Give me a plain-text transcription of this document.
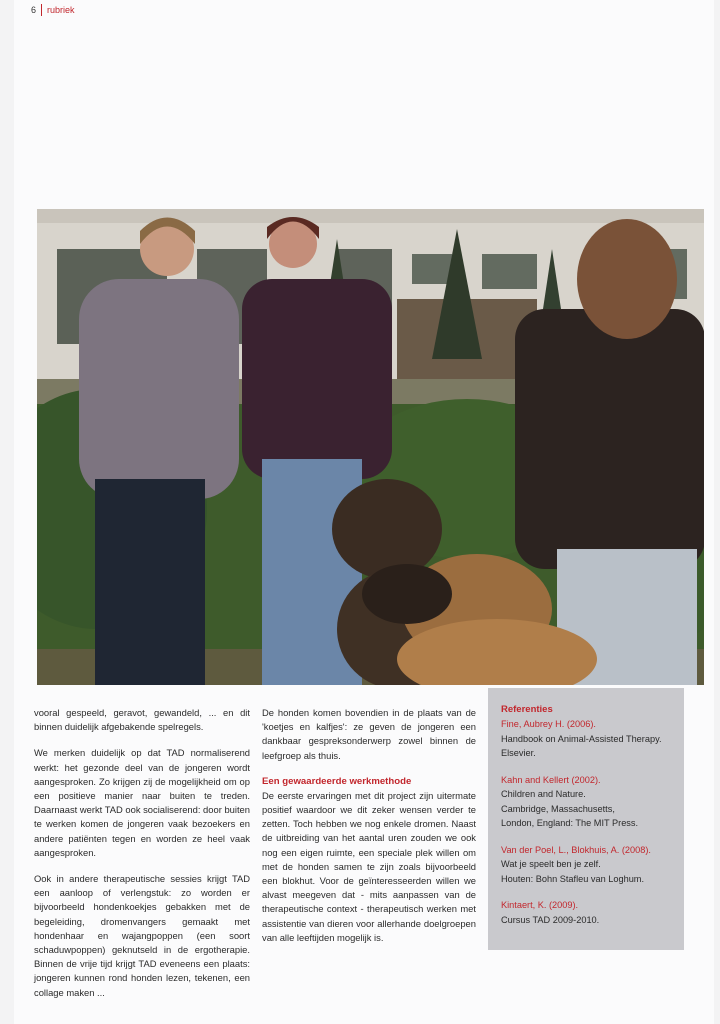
6 rubriek

vooral gespeeld, geravot, gewandeld, ... en dit binnen duidelijk afgebakende spelregels.

We merken duidelijk op dat TAD normaliserend werkt: het gezonde deel van de jongeren wordt aangesproken. Zo krijgen zij de mogelijkheid om op een positieve manier naar buiten te treden. Daarnaast werkt TAD ook socialiserend: door buiten te werken komen de jongeren vaak bezoekers en andere patiënten tegen en worden ze heel vaak aangesproken.

Ook in andere therapeutische sessies krijgt TAD een aanloop of verlengstuk: zo worden er bijvoorbeeld hondenkoekjes gebakken met de begeleiding, dromenvangers gemaakt met hondenhaar en wajangpoppen (een soort schaduwpoppen) geknutseld in de ergotherapie. Binnen de vrije tijd krijgt TAD eveneens een plaats: jongeren kunnen rond honden lezen, tekenen, een collage maken ...

De honden komen bovendien in de plaats van de 'koetjes en kalfjes': ze geven de jongeren een dankbaar gespreksonderwerp zowel binnen de leefgroep als thuis.

Een gewaardeerde werkmethode

De eerste ervaringen met dit project zijn uitermate positief waardoor we dit zeker wensen verder te zetten. Toch hebben we nog enkele dromen. Naast de uitbreiding van het aantal uren zouden we ook nog een eigen ruimte, een speciale plek willen om met de honden samen te zijn zoals bijvoorbeeld een blokhut. Voor de geïnteresseerden willen we alvast meegeven dat - mits aanpassen van de therapeutische context - therapeutisch werken met assistentie van dieren voor allerhande doelgroepen van alle leeftijden mogelijk is.

Referenties
Fine, Aubrey H. (2006).
Handbook on Animal-Assisted Therapy.
Elsevier.
Kahn and Kellert (2002).
Children and Nature.
Cambridge, Massachusetts,
London, England: The MIT Press.
Van der Poel, L., Blokhuis, A. (2008).
Wat je speelt ben je zelf.
Houten: Bohn Stafleu van Loghum.
Kintaert, K. (2009).
Cursus TAD 2009-2010.
